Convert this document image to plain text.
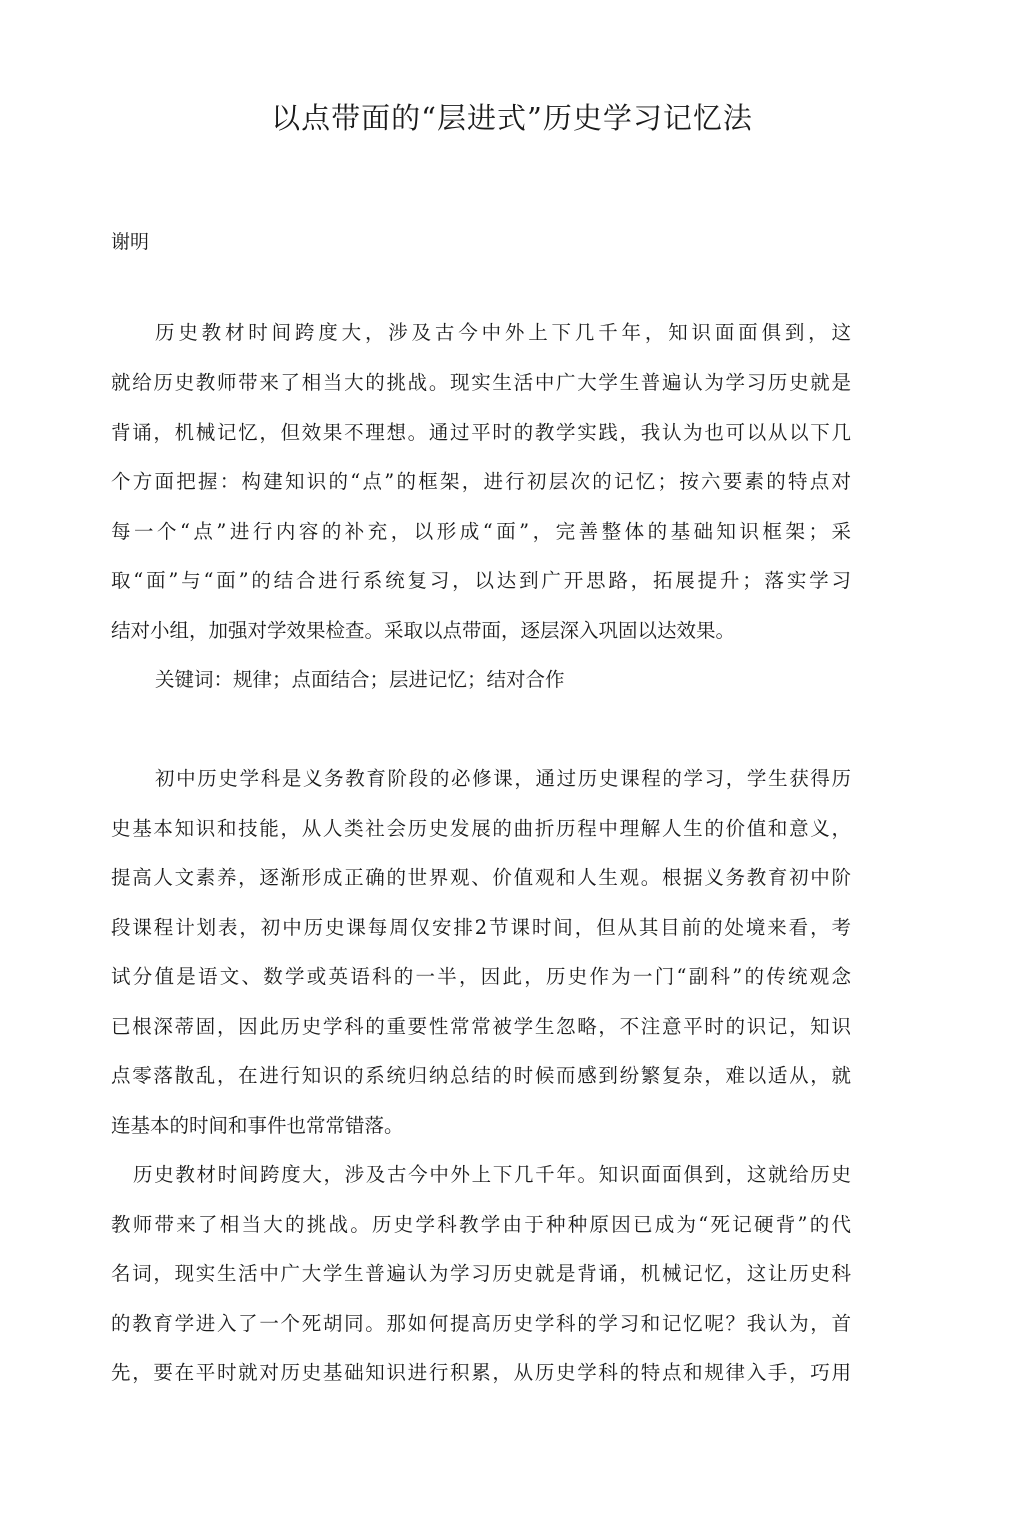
以点带面的“层进式”历史学习记忆法

谢明

历史教材时间跨度大，涉及古今中外上下几千年，知识面面俱到，这

就给历史教师带来了相当大的挑战。现实生活中广大学生普遍认为学习历史就是

背诵，机械记忆，但效果不理想。通过平时的教学实践，我认为也可以从以下几

个方面把握：构建知识的“点”的框架，进行初层次的记忆；按六要素的特点对

每一个“点”进行内容的补充，以形成“面”，完善整体的基础知识框架；采

取“面”与“面”的结合进行系统复习，以达到广开思路，拓展提升；落实学习

结对小组，加强对学效果检查。采取以点带面，逐层深入巩固以达效果。

关键词：规律；点面结合；层进记忆；结对合作

初中历史学科是义务教育阶段的必修课，通过历史课程的学习，学生获得历

史基本知识和技能，从人类社会历史发展的曲折历程中理解人生的价值和意义，

提高人文素养，逐渐形成正确的世界观、价值观和人生观。根据义务教育初中阶

段课程计划表，初中历史课每周仅安排2节课时间，但从其目前的处境来看，考

试分值是语文、数学或英语科的一半，因此，历史作为一门“副科”的传统观念

已根深蒂固，因此历史学科的重要性常常被学生忽略，不注意平时的识记，知识

点零落散乱，在进行知识的系统归纳总结的时候而感到纷繁复杂，难以适从，就

连基本的时间和事件也常常错落。

历史教材时间跨度大，涉及古今中外上下几千年。知识面面俱到，这就给历史

教师带来了相当大的挑战。历史学科教学由于种种原因已成为“死记硬背”的代

名词，现实生活中广大学生普遍认为学习历史就是背诵，机械记忆，这让历史科

的教育学进入了一个死胡同。那如何提高历史学科的学习和记忆呢？我认为，首

先，要在平时就对历史基础知识进行积累，从历史学科的特点和规律入手，巧用
